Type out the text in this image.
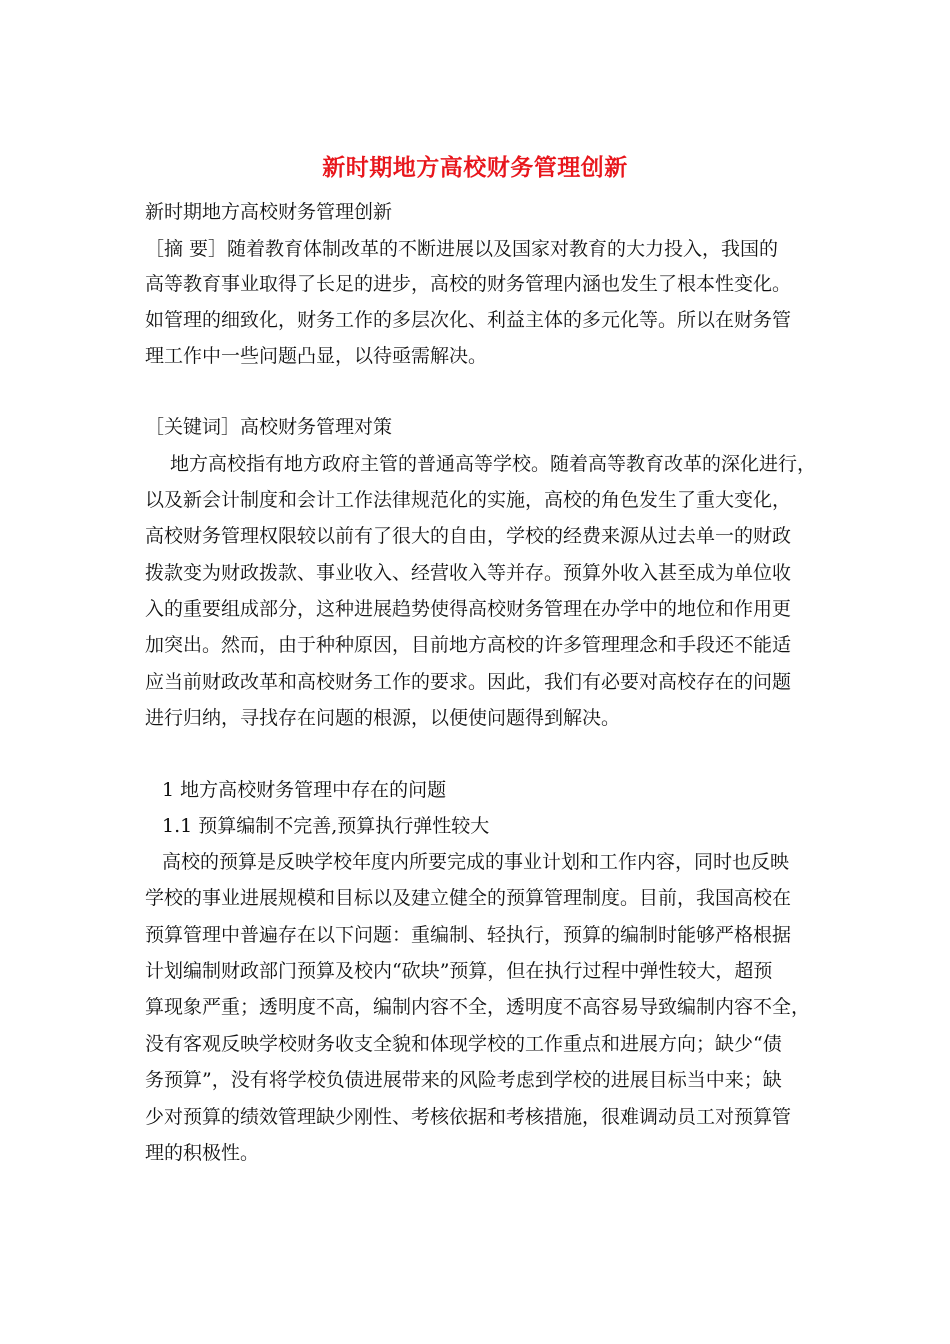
新时期地方高校财务管理创新
新时期地方高校财务管理创新
［摘 要］随着教育体制改革的不断进展以及国家对教育的大力投入，我国的
高等教育事业取得了长足的进步，高校的财务管理内涵也发生了根本性变化。
如管理的细致化，财务工作的多层次化、利益主体的多元化等。所以在财务管
理工作中一些问题凸显，以待亟需解决。
［关键词］高校财务管理对策
地方高校指有地方政府主管的普通高等学校。随着高等教育改革的深化进行，
以及新会计制度和会计工作法律规范化的实施，高校的角色发生了重大变化，
高校财务管理权限较以前有了很大的自由，学校的经费来源从过去单一的财政
拨款变为财政拨款、事业收入、经营收入等并存。预算外收入甚至成为单位收
入的重要组成部分，这种进展趋势使得高校财务管理在办学中的地位和作用更
加突出。然而，由于种种原因，目前地方高校的许多管理理念和手段还不能适
应当前财政改革和高校财务工作的要求。因此，我们有必要对高校存在的问题
进行归纳，寻找存在问题的根源，以便使问题得到解决。
1 地方高校财务管理中存在的问题
1.1 预算编制不完善,预算执行弹性较大
高校的预算是反映学校年度内所要完成的事业计划和工作内容，同时也反映
学校的事业进展规模和目标以及建立健全的预算管理制度。目前，我国高校在
预算管理中普遍存在以下问题：重编制、轻执行，预算的编制时能够严格根据
计划编制财政部门预算及校内“砍块”预算，但在执行过程中弹性较大，超预
算现象严重；透明度不高，编制内容不全，透明度不高容易导致编制内容不全，
没有客观反映学校财务收支全貌和体现学校的工作重点和进展方向；缺少“债
务预算”，没有将学校负债进展带来的风险考虑到学校的进展目标当中来；缺
少对预算的绩效管理缺少刚性、考核依据和考核措施，很难调动员工对预算管
理的积极性。
